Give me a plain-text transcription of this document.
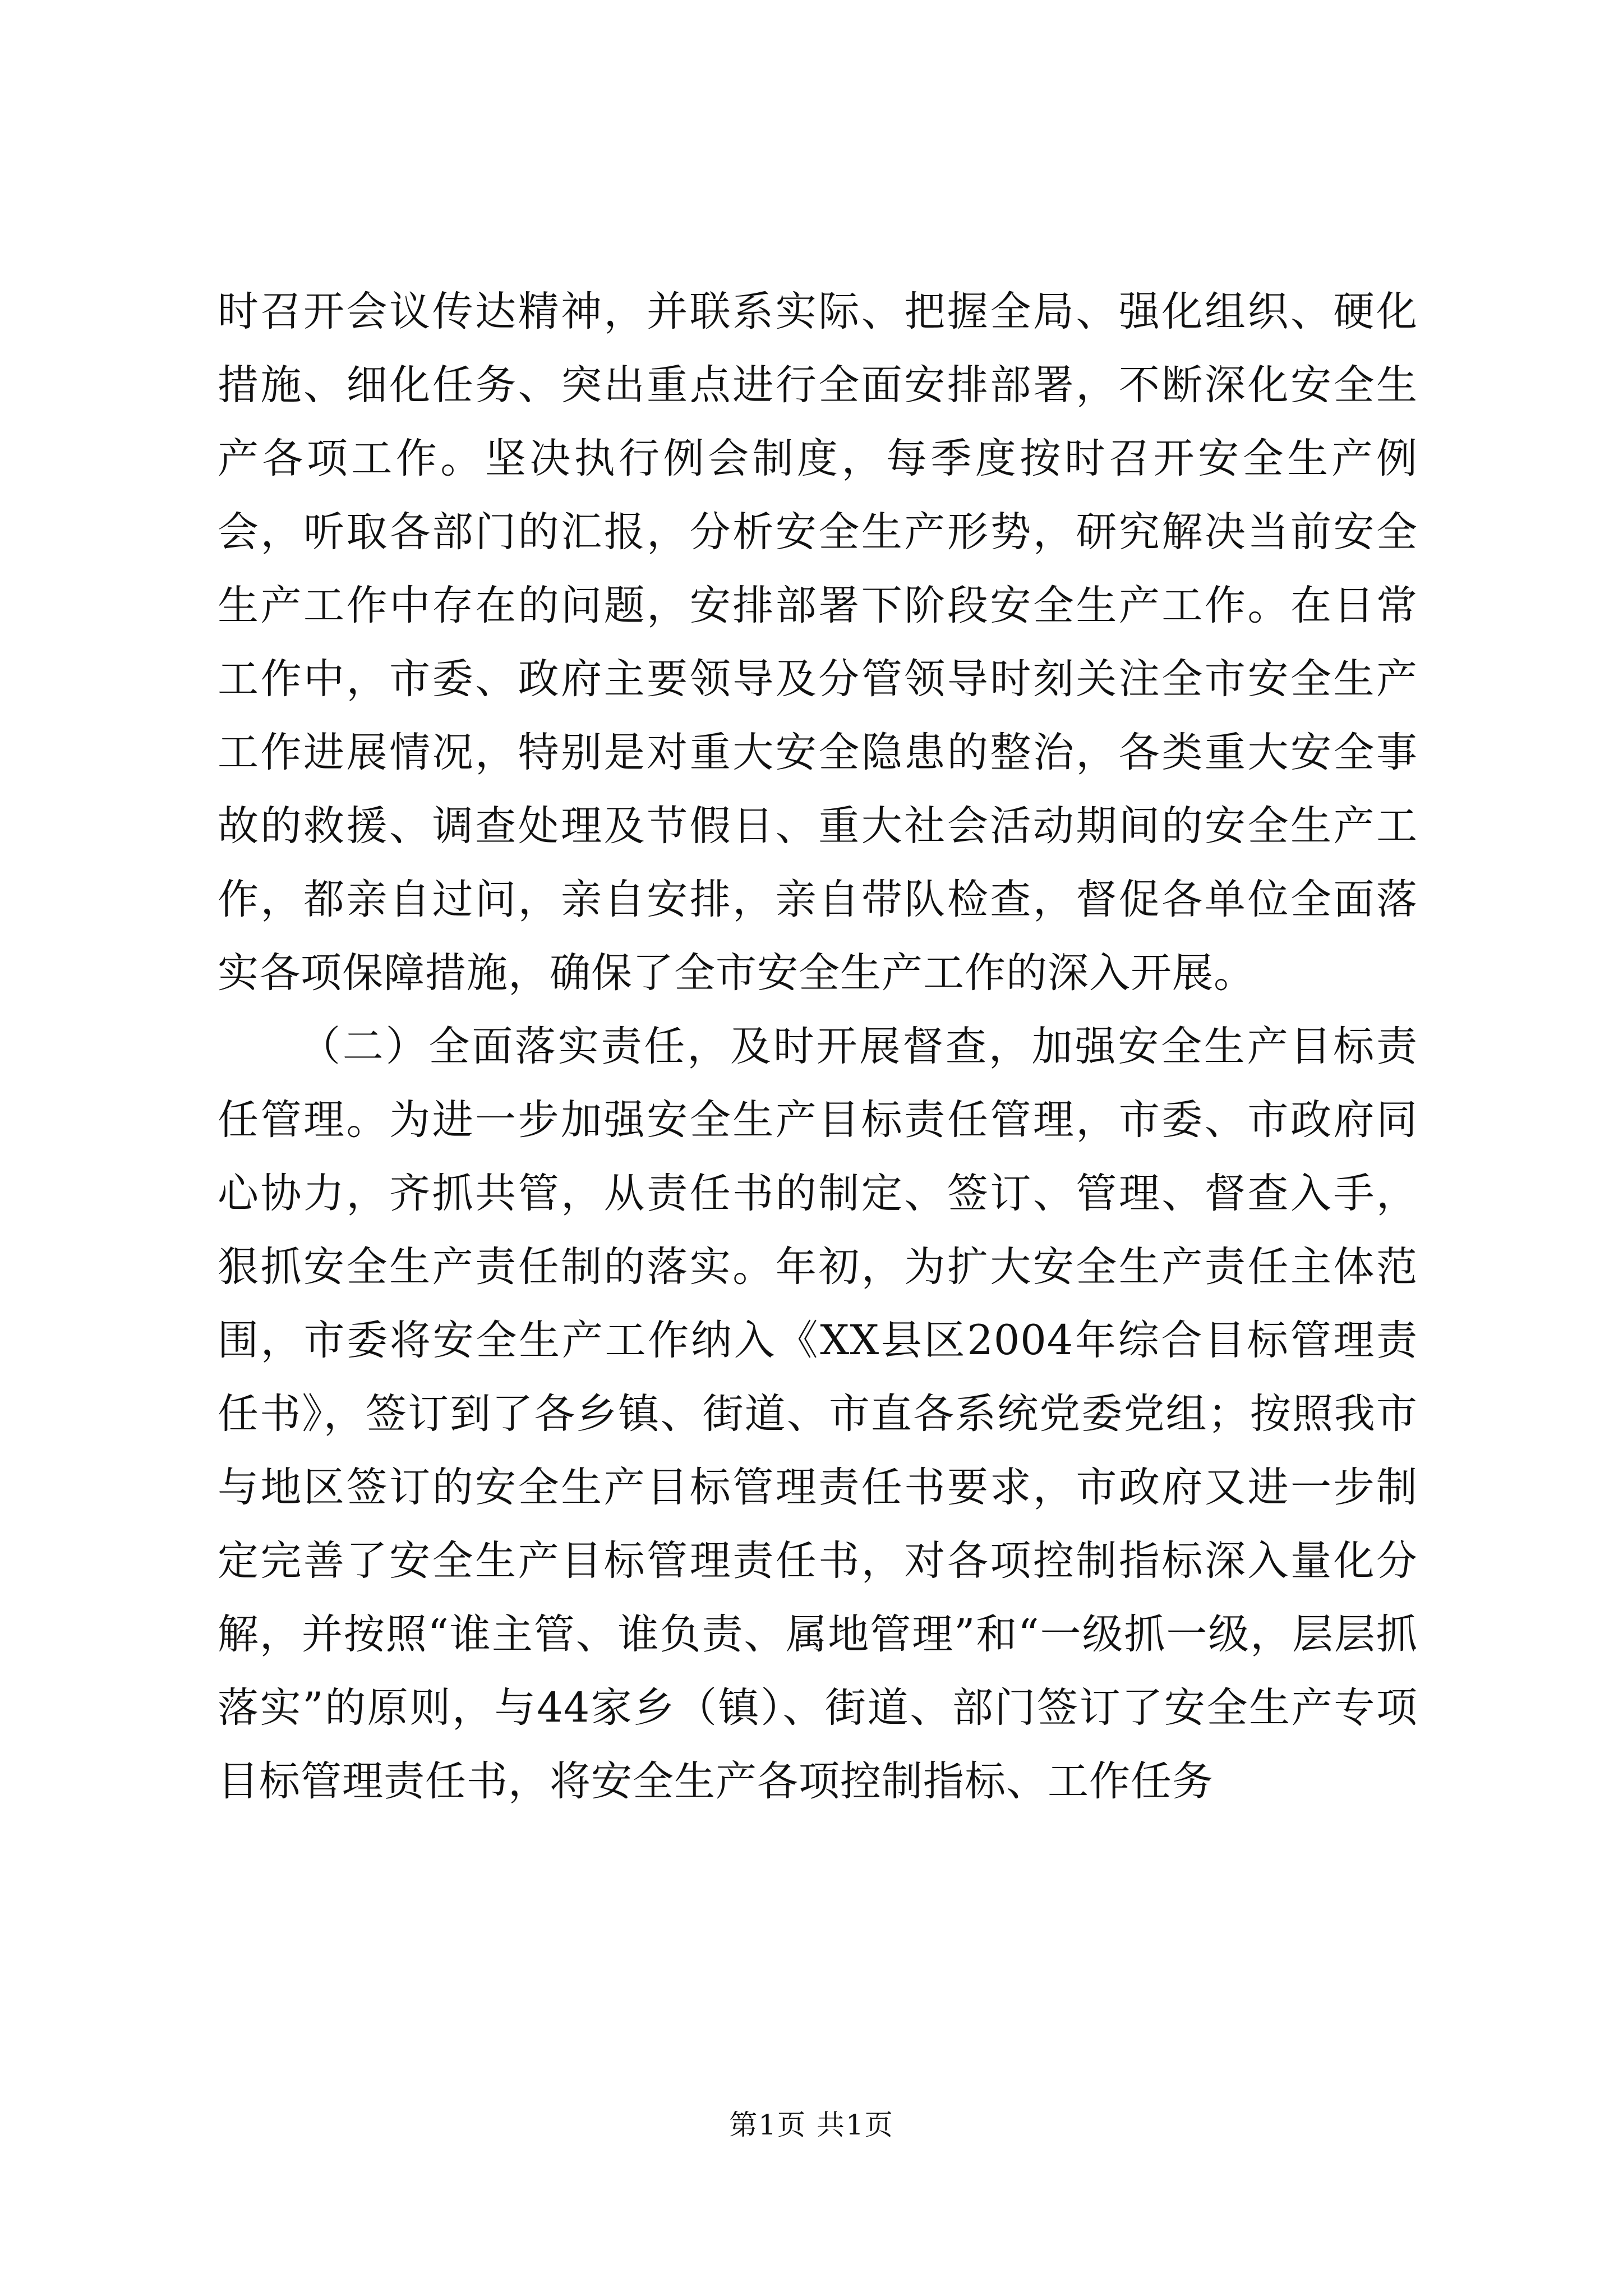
时召开会议传达精神，并联系实际、把握全局、强化组织、硬化措施、细化任务、突出重点进行全面安排部署，不断深化安全生产各项工作。坚决执行例会制度，每季度按时召开安全生产例会，听取各部门的汇报，分析安全生产形势，研究解决当前安全生产工作中存在的问题，安排部署下阶段安全生产工作。在日常工作中，市委、政府主要领导及分管领导时刻关注全市安全生产工作进展情况，特别是对重大安全隐患的整治，各类重大安全事故的救援、调查处理及节假日、重大社会活动期间的安全生产工作，都亲自过问，亲自安排，亲自带队检查，督促各单位全面落实各项保障措施，确保了全市安全生产工作的深入开展。

（二）全面落实责任，及时开展督查，加强安全生产目标责任管理。为进一步加强安全生产目标责任管理，市委、市政府同心协力，齐抓共管，从责任书的制定、签订、管理、督查入手，狠抓安全生产责任制的落实。年初，为扩大安全生产责任主体范围，市委将安全生产工作纳入《XX县区2004年综合目标管理责任书》，签订到了各乡镇、街道、市直各系统党委党组；按照我市与地区签订的安全生产目标管理责任书要求，市政府又进一步制定完善了安全生产目标管理责任书，对各项控制指标深入量化分解，并按照“谁主管、谁负责、属地管理”和“一级抓一级，层层抓落实”的原则，与44家乡（镇）、街道、部门签订了安全生产专项目标管理责任书，将安全生产各项控制指标、工作任务

第1页 共1页
